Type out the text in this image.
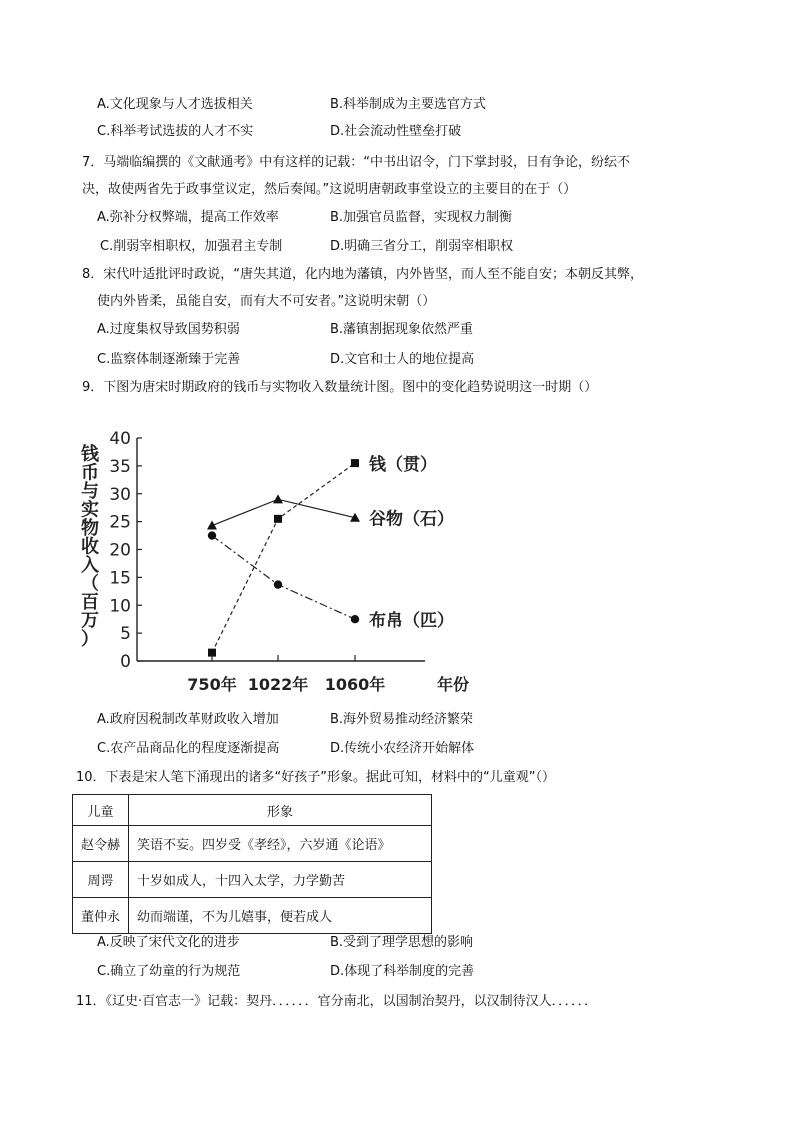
A.文化现象与人才选拔相关	B.科举制成为主要选官方式
C.科举考试选拔的人才不实	D.社会流动性壁垒打破
7．马端临编撰的《文献通考》中有这样的记载：“中书出诏令，门下掌封驳，日有争论，纷纭不
决，故使两省先于政事堂议定，然后奏闻。”这说明唐朝政事堂设立的主要目的在于（）
A.弥补分权弊端，提高工作效率	B.加强官员监督，实现权力制衡
C.削弱宰相职权，加强君主专制	D.明确三省分工，削弱宰相职权
8．宋代叶适批评时政说，“唐失其道，化内地为藩镇，内外皆坚，而人至不能自安；本朝反其弊，
使内外皆柔，虽能自安，而有大不可安者。”这说明宋朝（）
A.过度集权导致国势积弱	B.藩镇割据现象依然严重
C.监察体制逐渐臻于完善	D.文官和士人的地位提高
9．下图为唐宋时期政府的钱币与实物收入数量统计图。图中的变化趋势说明这一时期（）
钱
币
与
实
物
收
入
（
百
万
）
750年 1022年 1060年	年份
0
5
10
15
20
25
30
35
40
钱（贯）
谷物（石）
布帛（匹）
A.政府因税制改革财政收入增加	B.海外贸易推动经济繁荣
C.农产品商品化的程度逐渐提高	D.传统小农经济开始解体
10．下表是宋人笔下涌现出的诸多“好孩子”形象。据此可知，材料中的“儿童观”（）
儿童	形象
赵令赫	笑语不妄。四岁受《孝经》，六岁通《论语》
周谔	十岁如成人，十四入太学，力学勤苦
董仲永	幼而端谨，不为儿嬉事，便若成人
A.反映了宋代文化的进步	B.受到了理学思想的影响
C.确立了幼童的行为规范	D.体现了科举制度的完善
11．《辽史·百官志一》记载：契丹．．．．．．官分南北，以国制治契丹，以汉制待汉人．．．．．．
